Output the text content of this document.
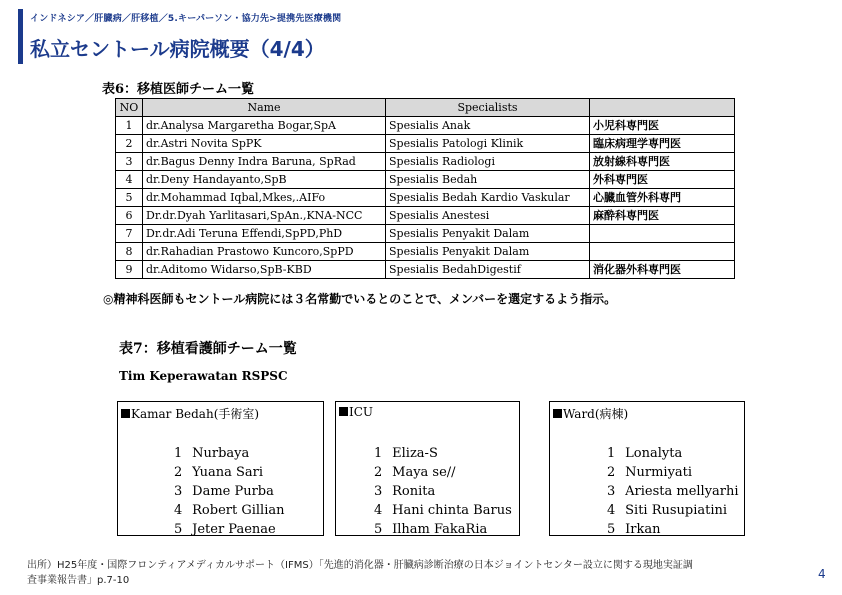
インドネシア／肝臓病／肝移植／5.キーパーソン・協力先>提携先医療機関
私立セントール病院概要（4/4）
表6：移植医師チーム一覧
NO	Name	Specialists	
1	dr.Analysa Margaretha Bogar,SpA	Spesialis Anak	小児科専門医
2	dr.Astri Novita SpPK	Spesialis Patologi Klinik	臨床病理学専門医
3	dr.Bagus Denny Indra Baruna, SpRad	Spesialis Radiologi	放射線科専門医
4	dr.Deny Handayanto,SpB	Spesialis Bedah	外科専門医
5	dr.Mohammad Iqbal,Mkes,.AIFo	Spesialis Bedah Kardio Vaskular	心臓血管外科専門
6	Dr.dr.Dyah Yarlitasari,SpAn.,KNA-NCC	Spesialis Anestesi	麻酔科専門医
7	Dr.dr.Adi Teruna Effendi,SpPD,PhD	Spesialis Penyakit Dalam	
8	dr.Rahadian Prastowo Kuncoro,SpPD	Spesialis Penyakit Dalam	
9	dr.Aditomo Widarso,SpB-KBD	Spesialis BedahDigestif	消化器外科専門医
◎精神科医師もセントール病院には３名常勤でいるとのことで、メンバーを選定するよう指示。
表7：移植看護師チーム一覧
Tim Keperawatan RSPSC
Kamar Bedah(手術室)
1 Nurbaya
2 Yuana Sari
3 Dame Purba
4 Robert Gillian
5 Jeter Paenae
ICU
1 Eliza-S
2 Maya se//
3 Ronita
4 Hani chinta Barus
5 Ilham FakaRia
Ward(病棟)
1 Lonalyta
2 Nurmiyati
3 Ariesta mellyarhi
4 Siti Rusupiatini
5 Irkan
出所）H25年度・国際フロンティアメディカルサポート（IFMS）「先進的消化器・肝臓病診断治療の日本ジョイントセンター設立に関する現地実証調
査事業報告書」p.7-10	4
